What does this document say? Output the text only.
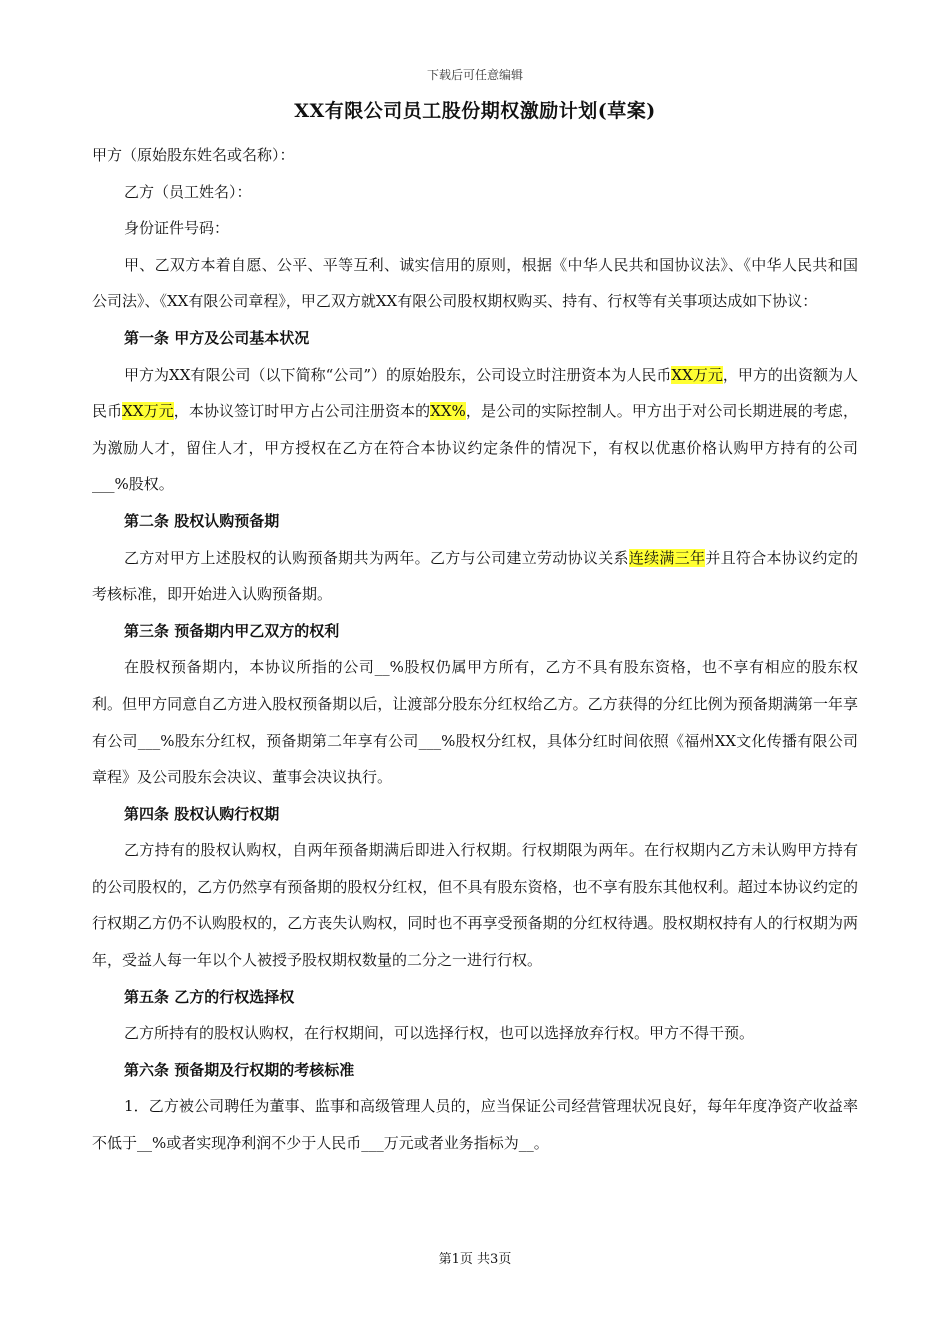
下载后可任意编辑
XX有限公司员工股份期权激励计划(草案)

甲方（原始股东姓名或名称）：

乙方（员工姓名）：

身份证件号码：

甲、乙双方本着自愿、公平、平等互利、诚实信用的原则，根据《中华人民共和国协议法》、《中华人民共和国公司法》、《XX有限公司章程》，甲乙双方就XX有限公司股权期权购买、持有、行权等有关事项达成如下协议：

第一条 甲方及公司基本状况

甲方为XX有限公司（以下简称“公司”）的原始股东，公司设立时注册资本为人民币XX万元，甲方的出资额为人民币XX万元，本协议签订时甲方占公司注册资本的XX%，是公司的实际控制人。甲方出于对公司长期进展的考虑，为激励人才，留住人才，甲方授权在乙方在符合本协议约定条件的情况下，有权以优惠价格认购甲方持有的公司___%股权。

第二条 股权认购预备期

乙方对甲方上述股权的认购预备期共为两年。乙方与公司建立劳动协议关系连续满三年并且符合本协议约定的考核标准，即开始进入认购预备期。

第三条 预备期内甲乙双方的权利

在股权预备期内，本协议所指的公司__%股权仍属甲方所有，乙方不具有股东资格，也不享有相应的股东权利。但甲方同意自乙方进入股权预备期以后，让渡部分股东分红权给乙方。乙方获得的分红比例为预备期满第一年享有公司___%股东分红权，预备期第二年享有公司___%股权分红权，具体分红时间依照《福州XX文化传播有限公司章程》及公司股东会决议、董事会决议执行。

第四条 股权认购行权期

乙方持有的股权认购权，自两年预备期满后即进入行权期。行权期限为两年。在行权期内乙方未认购甲方持有的公司股权的，乙方仍然享有预备期的股权分红权，但不具有股东资格，也不享有股东其他权利。超过本协议约定的行权期乙方仍不认购股权的，乙方丧失认购权，同时也不再享受预备期的分红权待遇。股权期权持有人的行权期为两年，受益人每一年以个人被授予股权期权数量的二分之一进行行权。

第五条 乙方的行权选择权

乙方所持有的股权认购权，在行权期间，可以选择行权，也可以选择放弃行权。甲方不得干预。

第六条 预备期及行权期的考核标准

1．乙方被公司聘任为董事、监事和高级管理人员的，应当保证公司经营管理状况良好，每年年度净资产收益率不低于__%或者实现净利润不少于人民币___万元或者业务指标为__。

第1页 共3页
